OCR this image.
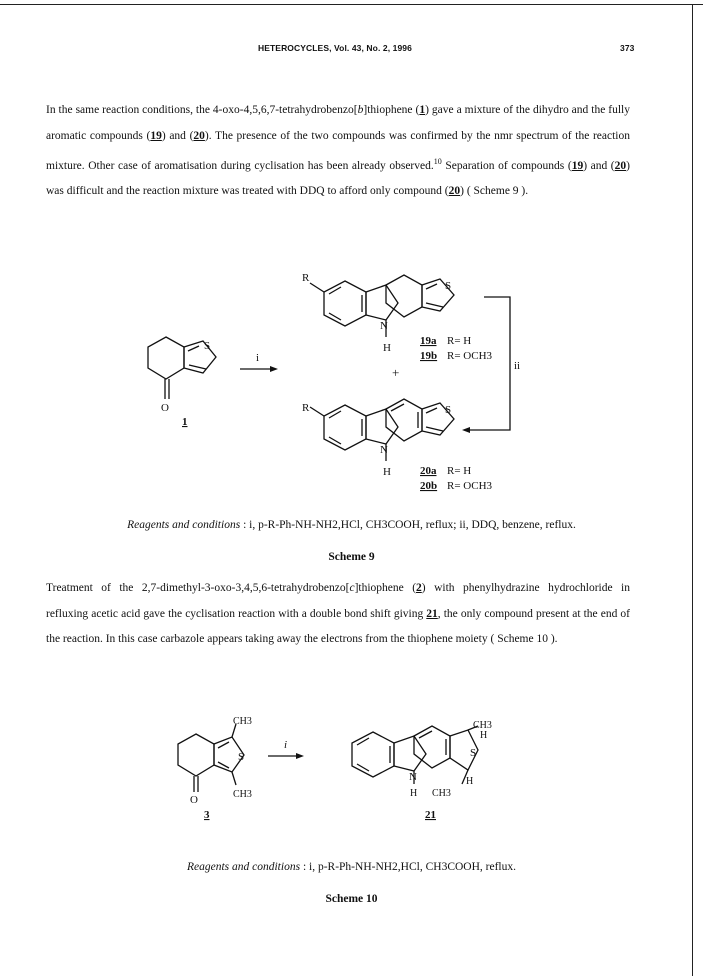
HETEROCYCLES, Vol. 43, No. 2, 1996	373

In the same reaction conditions, the 4-oxo-4,5,6,7-tetrahydrobenzo[b]thiophene (1) gave a mixture of the dihydro and the fully aromatic compounds (19) and (20). The presence of the two compounds was confirmed by the nmr spectrum of the reaction mixture. Other case of aromatisation during cyclisation has been already observed.$^{10}$ Separation of compounds (19) and (20) was difficult and the reaction mixture was treated with DDQ to afford only compound (20) ( Scheme 9 ).

S
O
1
i
R
S
N
H
19a R= H
19b R= OCH3
+	ii
R	S
N
H	20a R= H
20b R= OCH3
Reagents and conditions : i, p-R-Ph-NH-NH2,HCl, CH3COOH, reflux; ii, DDQ, benzene, reflux.
Scheme 9

Treatment of the 2,7-dimethyl-3-oxo-3,4,5,6-tetrahydrobenzo[c]thiophene (2) with phenylhydrazine hydrochloride in refluxing acetic acid gave the cyclisation reaction with a double bond shift giving 21, the only compound present at the end of the reaction. In this case carbazole appears taking away the electrons from the thiophene moiety ( Scheme 10 ).

CH3
S
CH3
O
3
i
CH3
H
S
H
N
H CH3
21
Reagents and conditions : i, p-R-Ph-NH-NH2,HCl, CH3COOH, reflux.
Scheme 10
